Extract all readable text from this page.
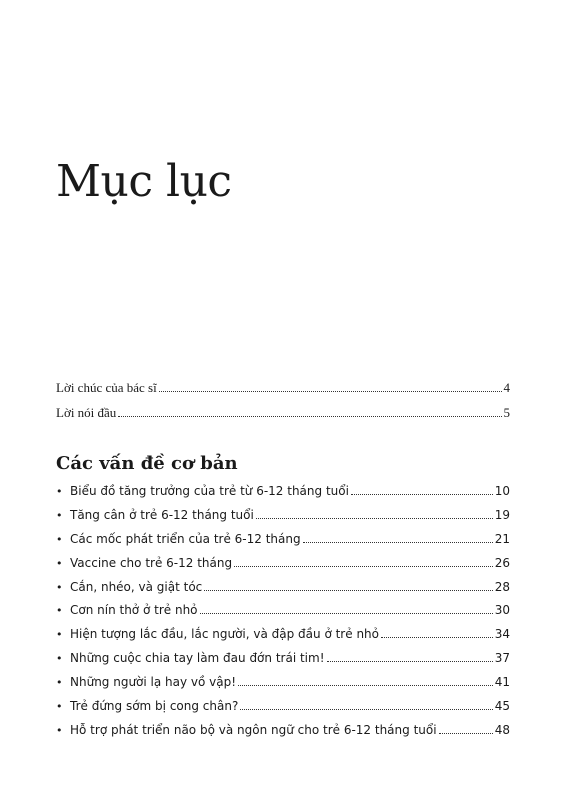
Mục lục
Lời chúc của bác sĩ	4
Lời nói đầu	5
Các vấn đề cơ bản
• Biểu đồ tăng trưởng của trẻ từ 6-12 tháng tuổi	10
• Tăng cân ở trẻ 6-12 tháng tuổi	19
• Các mốc phát triển của trẻ 6-12 tháng	21
• Vaccine cho trẻ 6-12 tháng	26
• Cắn, nhéo, và giật tóc	28
• Cơn nín thở ở trẻ nhỏ	30
• Hiện tượng lắc đầu, lắc người, và đập đầu ở trẻ nhỏ	34
• Những cuộc chia tay làm đau đớn trái tim!	37
• Những người lạ hay vồ vập!	41
• Trẻ đứng sớm bị cong chân?	45
• Hỗ trợ phát triển não bộ và ngôn ngữ cho trẻ 6-12 tháng tuổi	48
